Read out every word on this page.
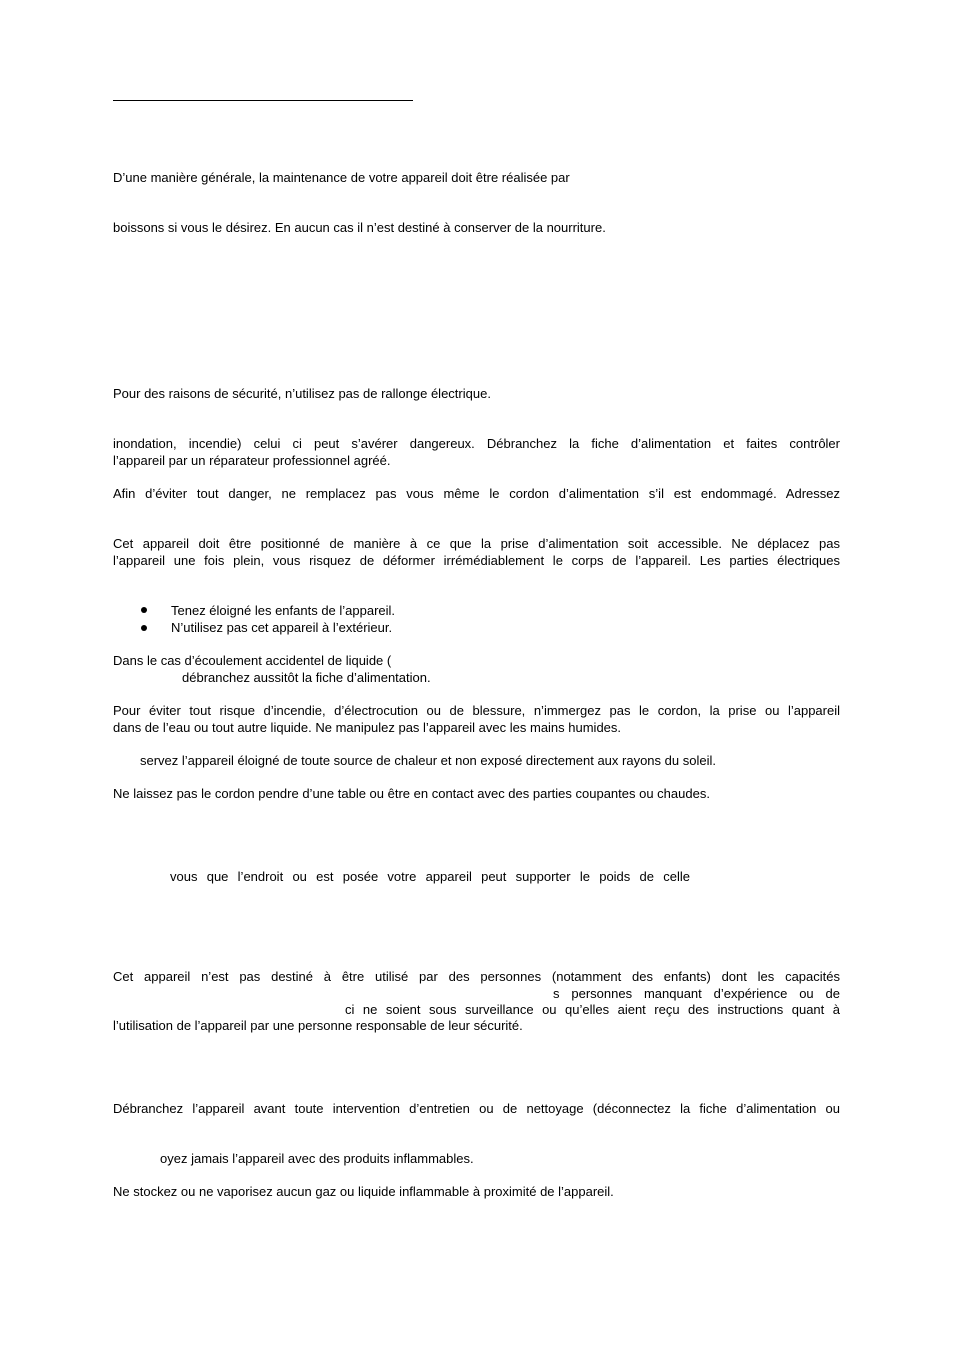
D’une manière générale, la maintenance de votre appareil doit être réalisée par
boissons si vous le désirez. En aucun cas il n’est destiné à conserver de la nourriture.
Pour des raisons de sécurité, n’utilisez pas de rallonge électrique.
inondation, incendie) celui ci peut s’avérer dangereux. Débranchez la fiche d’alimentation et faites contrôler
l’appareil par un réparateur professionnel agréé.
Afin d’éviter tout danger, ne remplacez pas vous même le cordon d’alimentation s’il est endommagé. Adressez
Cet appareil doit être positionné de manière à ce que la prise d’alimentation soit accessible. Ne déplacez pas
l’appareil une fois plein, vous risquez de déformer irrémédiablement le corps de l’appareil. Les parties électriques
Tenez éloigné les enfants de l’appareil.
N’utilisez pas cet appareil à l’extérieur.
Dans le cas d’écoulement accidentel de liquide (
débranchez aussitôt la fiche d’alimentation.
Pour éviter tout risque d’incendie, d’électrocution ou de blessure, n’immergez pas le cordon, la prise ou l’appareil
dans de l’eau ou tout autre liquide. Ne manipulez pas l’appareil avec les mains humides.
servez l’appareil éloigné de toute source de chaleur et non exposé directement aux rayons du soleil.
Ne laissez pas le cordon pendre d’une table ou être en contact avec des parties coupantes ou chaudes.
vous que l’endroit ou est posée votre appareil peut supporter le poids de celle
Cet appareil n’est pas destiné à être utilisé par des personnes (notamment des enfants) dont les capacités
s personnes manquant d’expérience ou de
ci ne soient sous surveillance ou qu’elles aient reçu des instructions quant à
l’utilisation de l’appareil par une personne responsable de leur sécurité.
Débranchez l’appareil avant toute intervention d’entretien ou de nettoyage (déconnectez la fiche d’alimentation ou
oyez jamais l’appareil avec des produits inflammables.
Ne stockez ou ne vaporisez aucun gaz ou liquide inflammable à proximité de l’appareil.
